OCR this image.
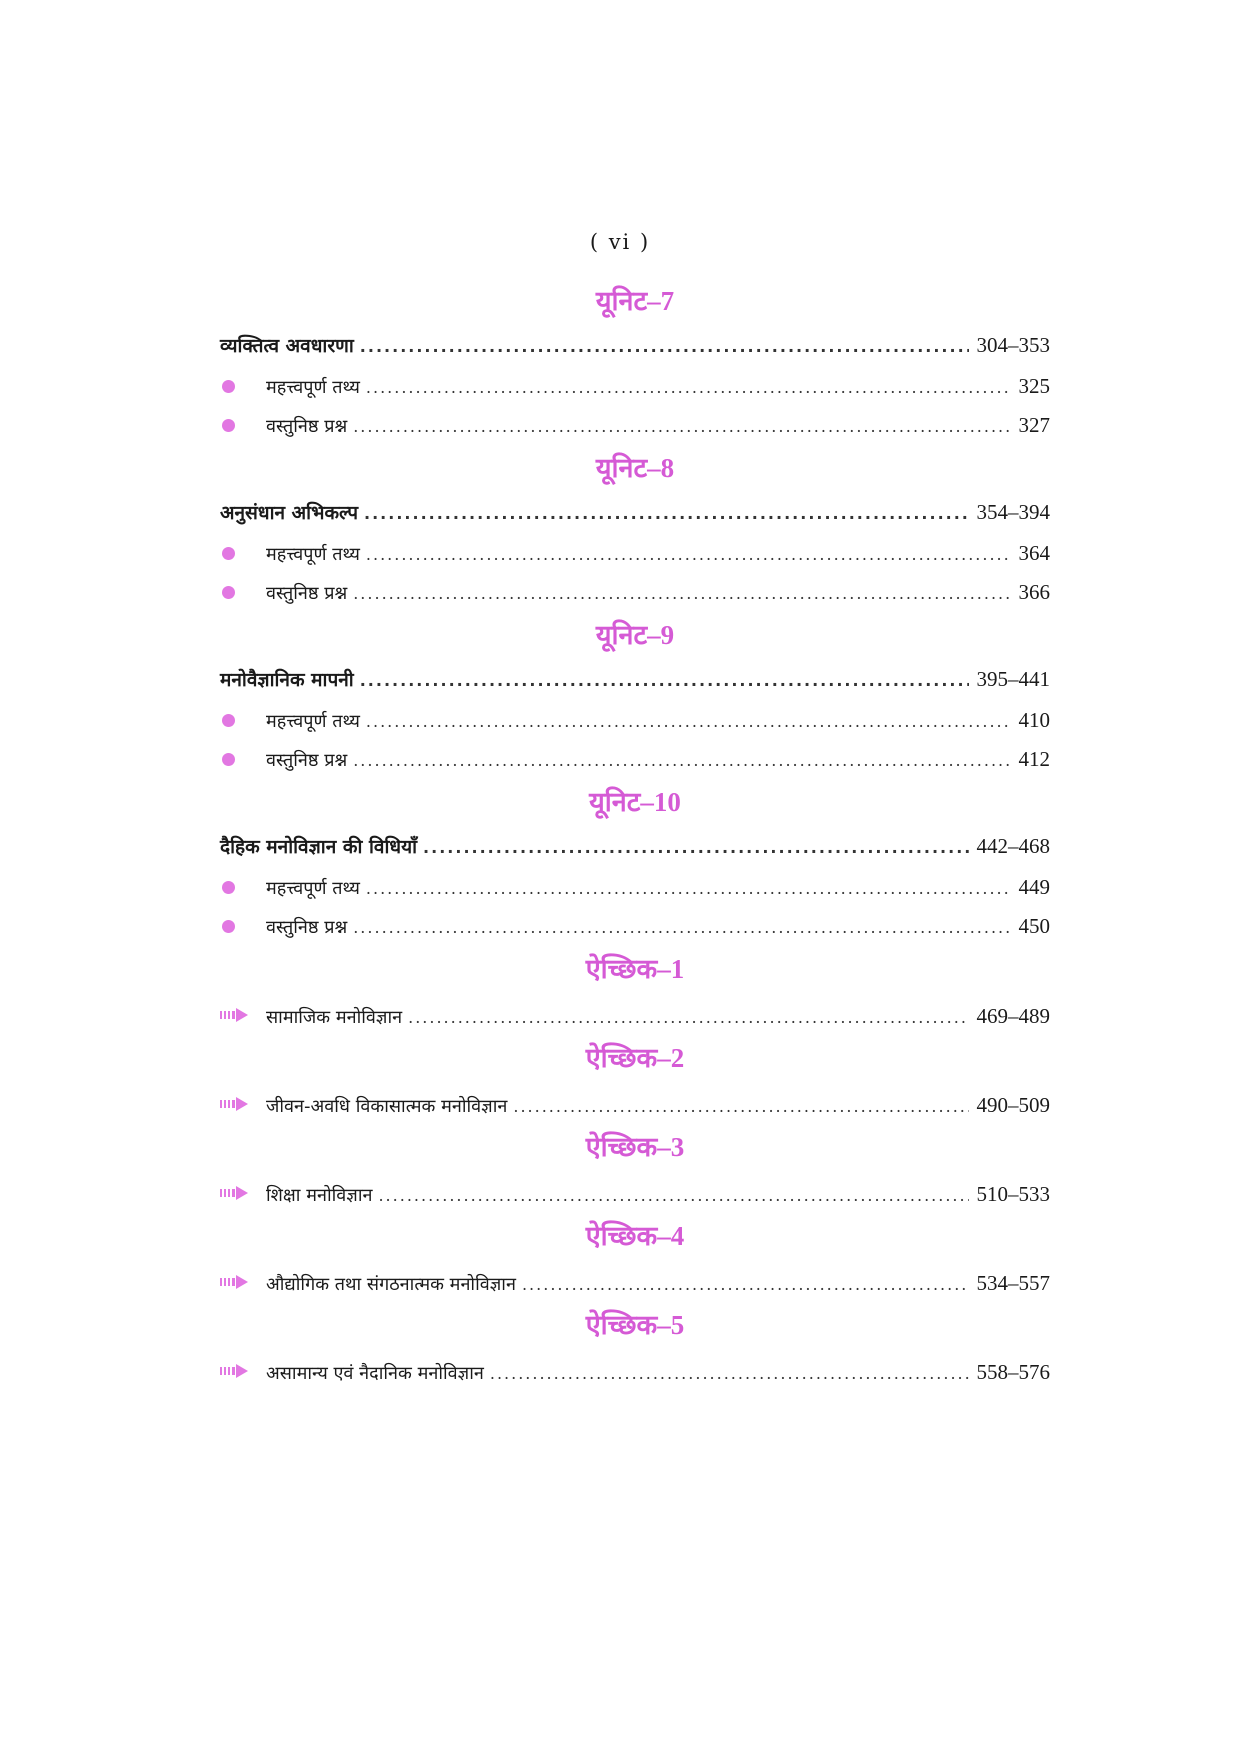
( vi )
यूनिट–7
व्यक्तित्व अवधारणा .....	304–353
महत्त्वपूर्ण तथ्य .....	325
वस्तुनिष्ठ प्रश्न .....	327
यूनिट–8
अनुसंधान अभिकल्प .....	354–394
महत्त्वपूर्ण तथ्य .....	364
वस्तुनिष्ठ प्रश्न .....	366
यूनिट–9
मनोवैज्ञानिक मापनी .....	395–441
महत्त्वपूर्ण तथ्य .....	410
वस्तुनिष्ठ प्रश्न .....	412
यूनिट–10
दैहिक मनोविज्ञान की विधियाँ .....	442–468
महत्त्वपूर्ण तथ्य .....	449
वस्तुनिष्ठ प्रश्न .....	450
ऐच्छिक–1
सामाजिक मनोविज्ञान .....	469–489
ऐच्छिक–2
जीवन-अवधि विकासात्मक मनोविज्ञान .....	490–509
ऐच्छिक–3
शिक्षा मनोविज्ञान .....	510–533
ऐच्छिक–4
औद्योगिक तथा संगठनात्मक मनोविज्ञान .....	534–557
ऐच्छिक–5
असामान्य एवं नैदानिक मनोविज्ञान .....	558–576
